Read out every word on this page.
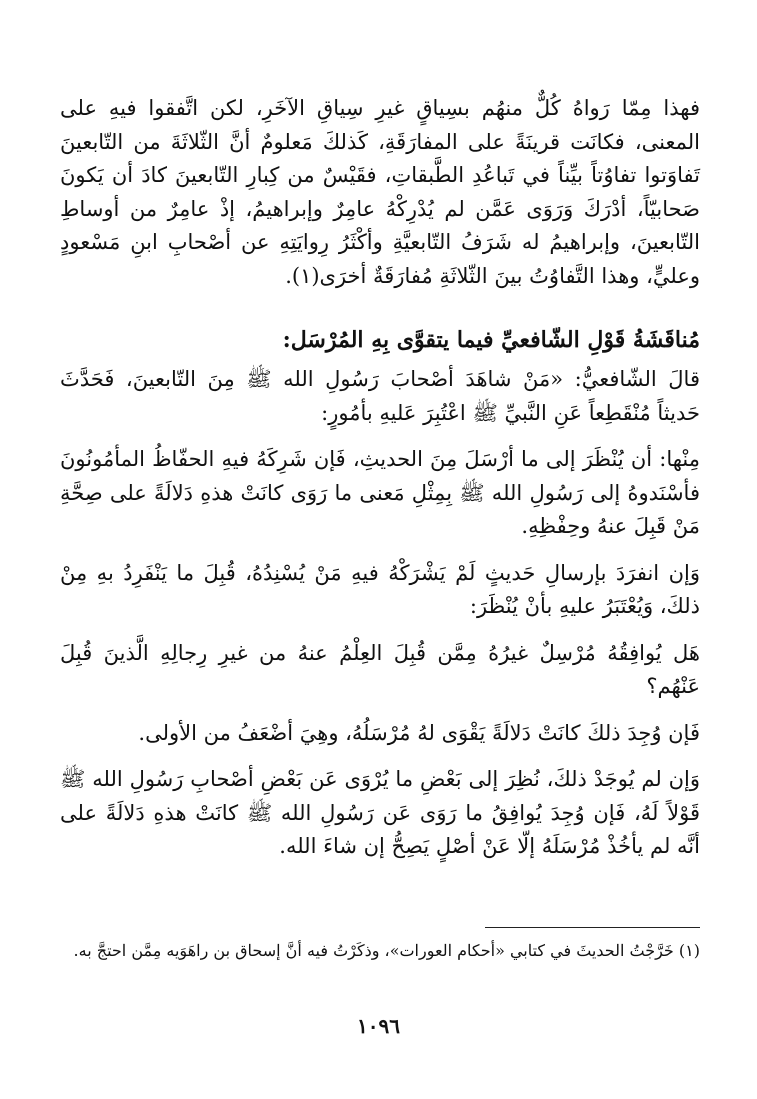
فهذا مِمّا رَواهُ كُلٌّ منهُم بسِياقٍ غيرِ سِياقِ الآخَرِ، لكن اتَّفقوا فيهِ على المعنى، فكانَت قرينَةً على المفارَقَةِ، كَذلكَ مَعلومٌ أنَّ الثّلاثَةَ من التّابعينَ تَفاوَتوا تفاوُتاً بيِّناً في تَباعُدِ الطَّبقاتِ، فقَيْسٌ من كِبارِ التّابعينَ كادَ أن يَكونَ صَحابيّاً، أدْرَكَ وَرَوَى عَمَّن لم يُدْرِكْهُ عامِرٌ وإبراهيمُ، إذْ عامِرٌ من أوساطِ التّابعينَ، وإبراهيمُ له شَرَفُ التّابعيَّةِ وأكْثَرُ رِوايَتِهِ عن أصْحابِ ابنِ مَسْعودٍ وعليٍّ، وهذا التَّفاوُتُ بينَ الثّلاثَةِ مُفارَقَةٌ أخرَى(١).

مُناقَشَةُ قَوْلِ الشّافعيِّ فيما يتقوَّى بِهِ المُرْسَل:

قالَ الشّافعيُّ: «مَنْ شاهَدَ أصْحابَ رَسُولِ الله ﷺ مِنَ التّابعينَ، فَحَدَّثَ حَديثاً مُنْقَطِعاً عَنِ النَّبيِّ ﷺ اعْتُبِرَ عَليهِ بأمُورٍ:

مِنْها: أن يُنْظَرَ إلى ما أرْسَلَ مِنَ الحديثِ، فَإن شَرِكَهُ فيهِ الحفّاظُ المأمُونُونَ فأسْنَدوهُ إلى رَسُولِ الله ﷺ بِمِثْلِ مَعنى ما رَوَى كانَتْ هذهِ دَلالَةً على صِحَّةِ مَنْ قَبِلَ عنهُ وحِفْظِهِ.

وَإن انفرَدَ بإرسالِ حَديثٍ لَمْ يَشْرَكْهُ فيهِ مَنْ يُسْنِدُهُ، قُبِلَ ما يَنْفَرِدُ بهِ مِنْ ذلكَ، وَيُعْتَبَرُ عليهِ بأنْ يُنْظَرَ:

هَل يُوافِقُهُ مُرْسِلٌ غيرُهُ مِمَّن قُبِلَ العِلْمُ عنهُ من غيرِ رِجالِهِ الَّذينَ قُبِلَ عَنْهُم؟

فَإن وُجِدَ ذلكَ كانَتْ دَلالَةً يَقْوَى لهُ مُرْسَلُهُ، وهِيَ أضْعَفُ من الأولى.

وَإن لم يُوجَدْ ذلكَ، نُظِرَ إلى بَعْضِ ما يُرْوَى عَن بَعْضِ أصْحابِ رَسُولِ الله ﷺ قَوْلاً لَهُ، فَإن وُجِدَ يُوافِقُ ما رَوَى عَن رَسُولِ الله ﷺ كانَتْ هذهِ دَلالَةً على أنَّه لم يأخُذْ مُرْسَلَهُ إلّا عَنْ أصْلٍ يَصِحُّ إن شاءَ الله.

(١) خَرَّجْتُ الحديثَ في كتابي «أحكام العورات»، وذكَرْتُ فيه أنَّ إسحاق بن راهَوَيه مِمَّن احتجَّ به.

١٠٩٦
